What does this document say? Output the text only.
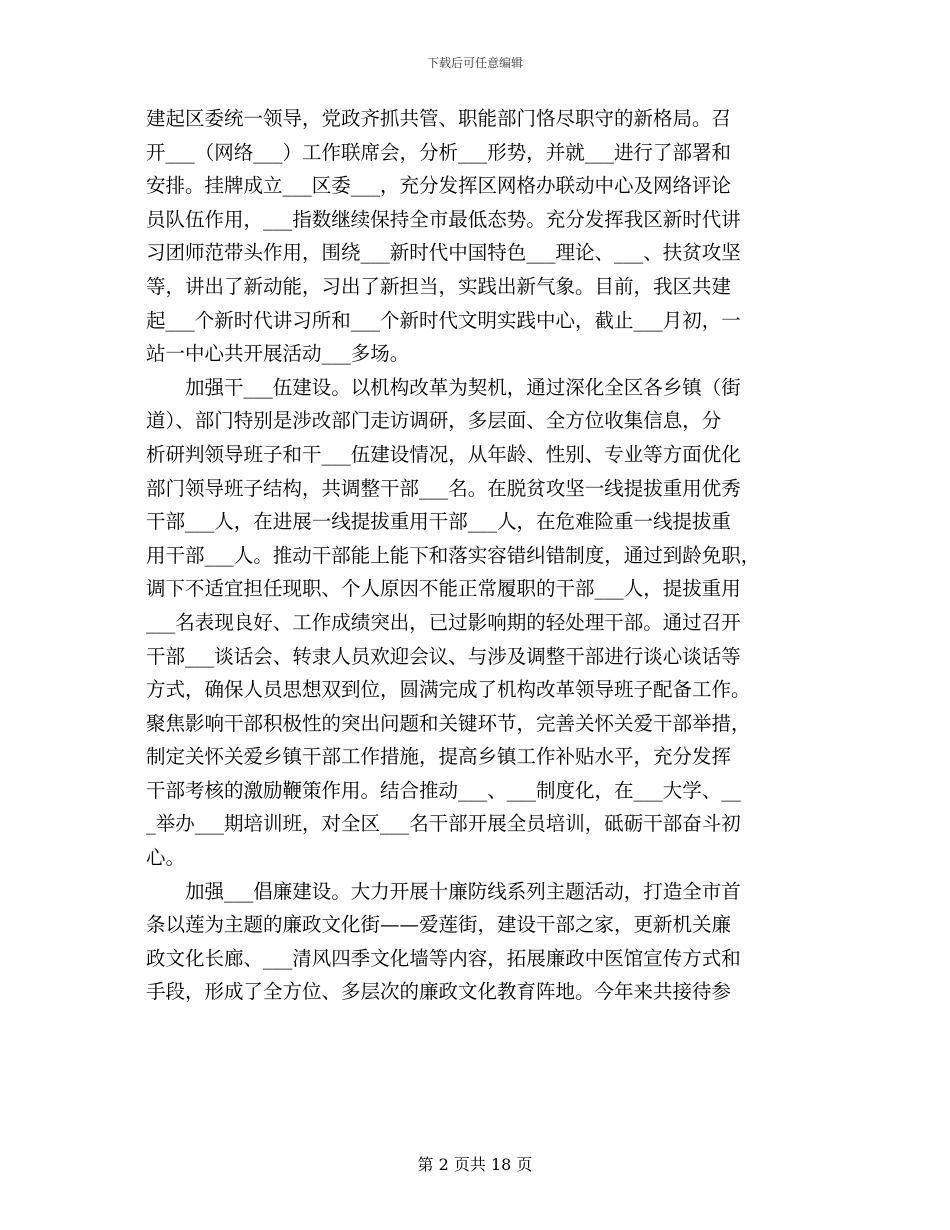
下载后可任意编辑
建起区委统一领导，党政齐抓共管、职能部门恪尽职守的新格局。召
开___（网络___）工作联席会，分析___形势，并就___进行了部署和
安排。挂牌成立___区委___，充分发挥区网格办联动中心及网络评论
员队伍作用，___指数继续保持全市最低态势。充分发挥我区新时代讲
习团师范带头作用，围绕___新时代中国特色___理论、___、扶贫攻坚
等，讲出了新动能，习出了新担当，实践出新气象。目前，我区共建
起___个新时代讲习所和___个新时代文明实践中心，截止___月初，一
站一中心共开展活动___多场。
　　加强干___伍建设。以机构改革为契机，通过深化全区各乡镇（街
道）、部门特别是涉改部门走访调研，多层面、全方位收集信息，分
析研判领导班子和干___伍建设情况，从年龄、性别、专业等方面优化
部门领导班子结构，共调整干部___名。在脱贫攻坚一线提拔重用优秀
干部___人，在进展一线提拔重用干部___人，在危难险重一线提拔重
用干部___人。推动干部能上能下和落实容错纠错制度，通过到龄免职，
调下不适宜担任现职、个人原因不能正常履职的干部___人，提拔重用
___名表现良好、工作成绩突出，已过影响期的轻处理干部。通过召开
干部___谈话会、转隶人员欢迎会议、与涉及调整干部进行谈心谈话等
方式，确保人员思想双到位，圆满完成了机构改革领导班子配备工作。
聚焦影响干部积极性的突出问题和关键环节，完善关怀关爱干部举措，
制定关怀关爱乡镇干部工作措施，提高乡镇工作补贴水平，充分发挥
干部考核的激励鞭策作用。结合推动___、___制度化，在___大学、__
_举办___期培训班，对全区___名干部开展全员培训，砥砺干部奋斗初
心。
　　加强___倡廉建设。大力开展十廉防线系列主题活动，打造全市首
条以莲为主题的廉政文化街——爱莲街，建设干部之家，更新机关廉
政文化长廊、___清风四季文化墙等内容，拓展廉政中医馆宣传方式和
手段，形成了全方位、多层次的廉政文化教育阵地。今年来共接待参
第 2 页共 18 页
